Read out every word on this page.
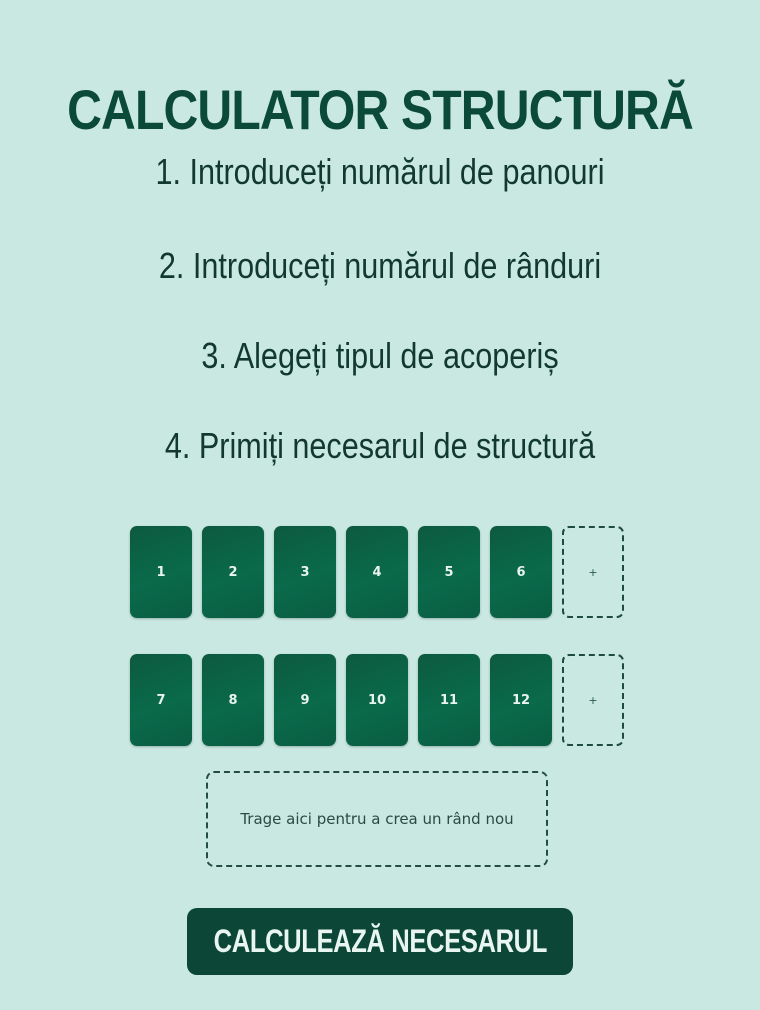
CALCULATOR STRUCTURĂ
1. Introduceți numărul de panouri
2. Introduceți numărul de rânduri
3. Alegeți tipul de acoperiș
4. Primiți necesarul de structură
1	2	3	4	5	6	+
7	8	9	10	11	12	+
Trage aici pentru a crea un rând nou
CALCULEAZĂ NECESARUL
